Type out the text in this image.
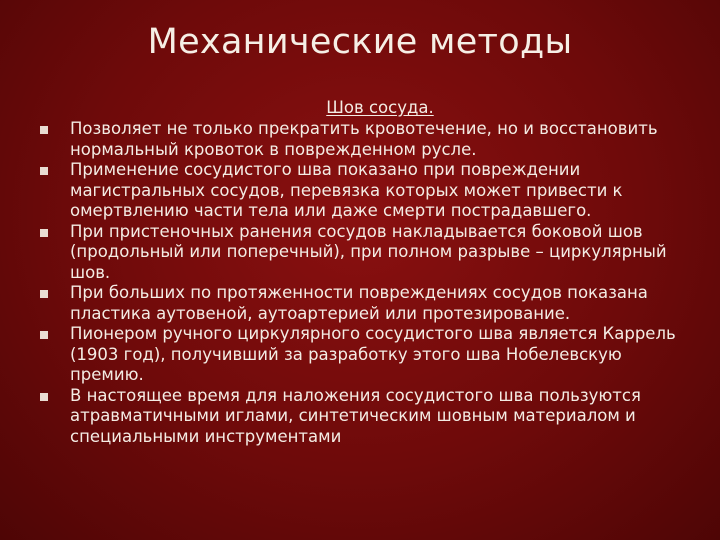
Механические методы
Шов сосуда.
Позволяет не только прекратить кровотечение, но и восстановить нормальный кровоток в поврежденном русле.
Применение сосудистого шва показано при повреждении магистральных сосудов, перевязка которых может привести к омертвлению части тела или даже смерти пострадавшего.
При пристеночных ранения сосудов накладывается боковой шов (продольный или поперечный), при полном разрыве – циркулярный шов.
При больших по протяженности повреждениях сосудов показана пластика аутовеной, аутоартерией или протезирование.
Пионером ручного циркулярного сосудистого шва является Каррель (1903 год), получивший за разработку этого шва Нобелевскую премию.
В настоящее время для наложения сосудистого шва пользуются атравматичными иглами, синтетическим шовным материалом и специальными инструментами
